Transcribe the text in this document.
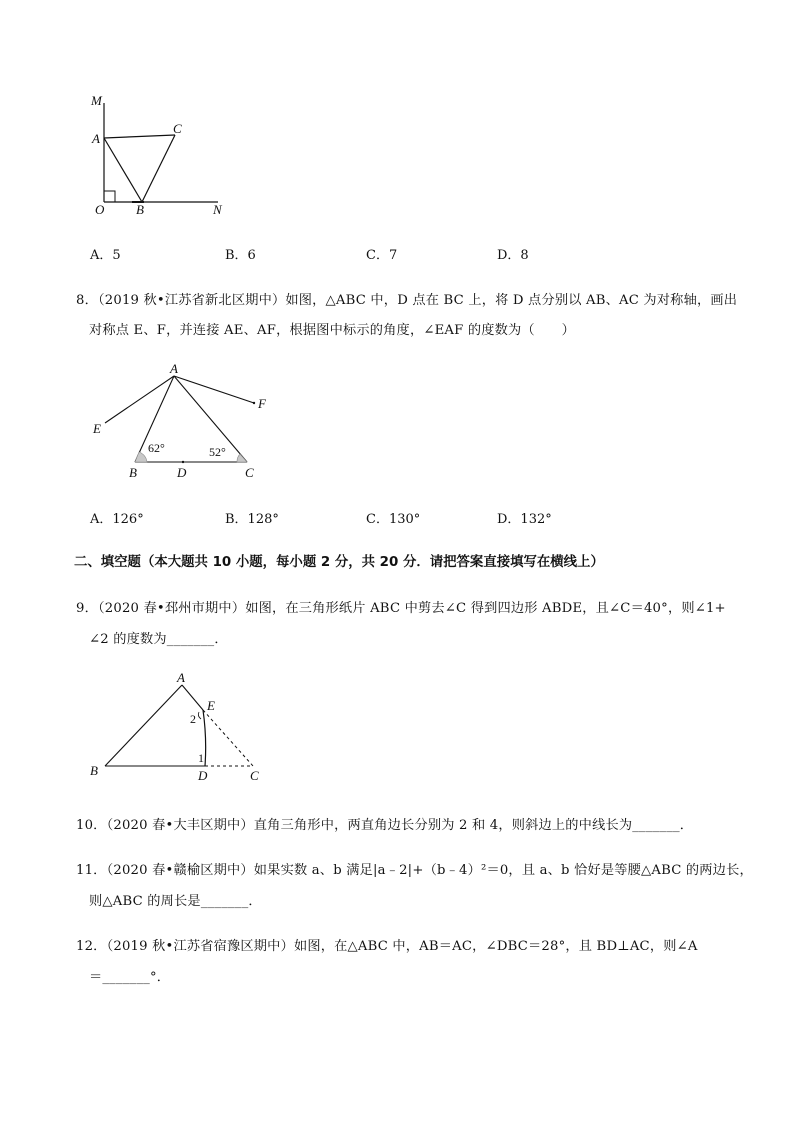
M
A
C
O B	N
A．5	B．6	C．7	D．8
8．（2019 秋•江苏省新北区期中）如图，△ABC 中，D 点在 BC 上，将 D 点分别以 AB、AC 为对称轴，画出
对称点 E、F，并连接 AE、AF，根据图中标示的角度，∠EAF 的度数为（　　）
A
F
E
62°	52°
B	D	C
A．126°	B．128°	C．130°	D．132°
二、填空题（本大题共 10 小题，每小题 2 分，共 20 分．请把答案直接填写在横线上）
9．（2020 春•邳州市期中）如图，在三角形纸片 ABC 中剪去∠C 得到四边形 ABDE，且∠C＝40°，则∠1+
∠2 的度数为_______．
A
E
2
1
B	D	C
10．（2020 春•大丰区期中）直角三角形中，两直角边长分别为 2 和 4，则斜边上的中线长为_______．
11．（2020 春•赣榆区期中）如果实数 a、b 满足|a﹣2|+（b﹣4）²＝0，且 a、b 恰好是等腰△ABC 的两边长，
则△ABC 的周长是_______．
12．（2019 秋•江苏省宿豫区期中）如图，在△ABC 中，AB＝AC，∠DBC＝28°，且 BD⊥AC，则∠A
＝_______°．
